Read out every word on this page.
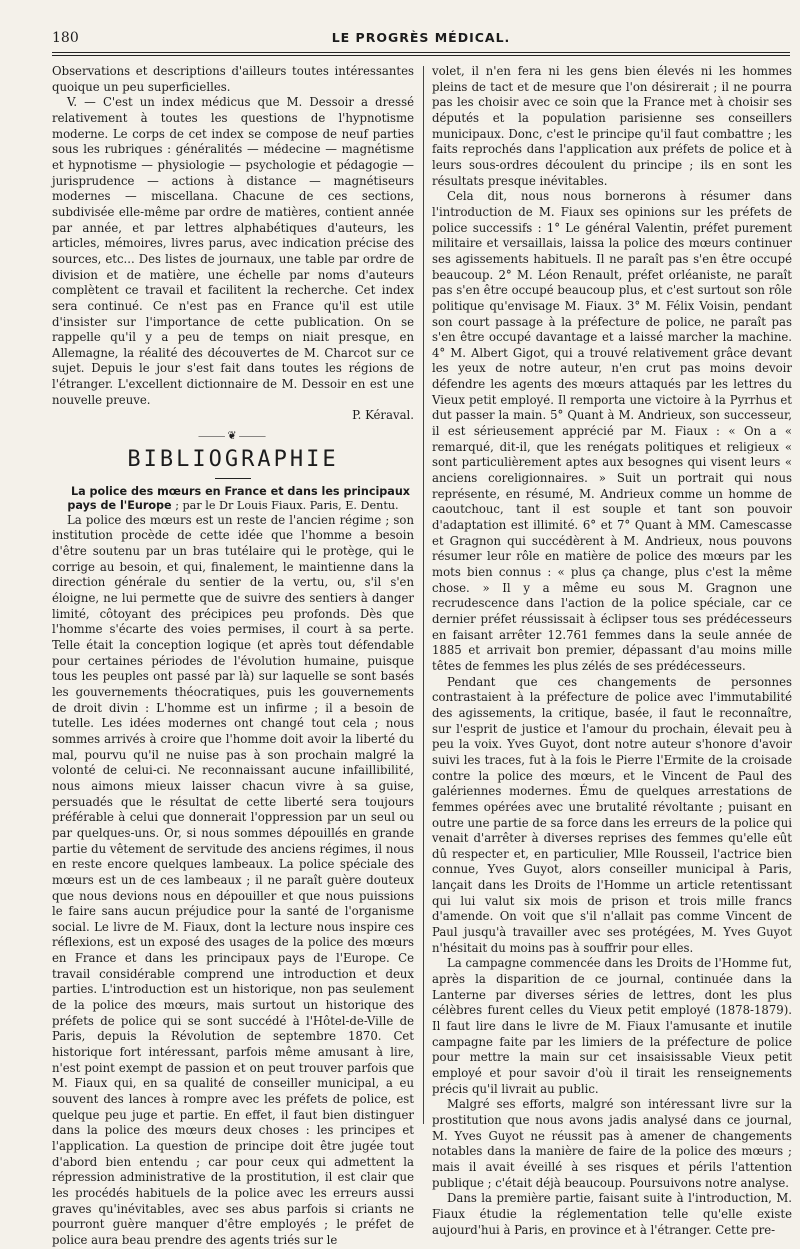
180	LE PROGRÈS MÉDICAL.

Observations et descriptions d'ailleurs toutes intéressantes quoique un peu superficielles.

V. — C'est un index médicus que M. Dessoir a dressé relativement à toutes les questions de l'hypnotisme moderne. Le corps de cet index se compose de neuf parties sous les rubriques : généralités — médecine — magnétisme et hypnotisme — physiologie — psychologie et pédagogie — jurisprudence — actions à distance — magnétiseurs modernes — miscellana. Chacune de ces sections, subdivisée elle-même par ordre de matières, contient année par année, et par lettres alphabétiques d'auteurs, les articles, mémoires, livres parus, avec indication précise des sources, etc... Des listes de journaux, une table par ordre de division et de matière, une échelle par noms d'auteurs complètent ce travail et facilitent la recherche. Cet index sera continué. Ce n'est pas en France qu'il est utile d'insister sur l'importance de cette publication. On se rappelle qu'il y a peu de temps on niait presque, en Allemagne, la réalité des découvertes de M. Charcot sur ce sujet. Depuis le jour s'est fait dans toutes les régions de l'étranger. L'excellent dictionnaire de M. Dessoir en est une nouvelle preuve.

P. Kéraval.

⸻❦⸻
BIBLIOGRAPHIE

La police des mœurs en France et dans les principaux pays de l'Europe ; par le Dr Louis Fiaux. Paris, E. Dentu.

La police des mœurs est un reste de l'ancien régime ; son institution procède de cette idée que l'homme a besoin d'être soutenu par un bras tutélaire qui le protège, qui le corrige au besoin, et qui, finalement, le maintienne dans la direction générale du sentier de la vertu, ou, s'il s'en éloigne, ne lui permette que de suivre des sentiers à danger limité, côtoyant des précipices peu profonds. Dès que l'homme s'écarte des voies permises, il court à sa perte. Telle était la conception logique (et après tout défendable pour certaines périodes de l'évolution humaine, puisque tous les peuples ont passé par là) sur laquelle se sont basés les gouvernements théocratiques, puis les gouvernements de droit divin : L'homme est un infirme ; il a besoin de tutelle. Les idées modernes ont changé tout cela ; nous sommes arrivés à croire que l'homme doit avoir la liberté du mal, pourvu qu'il ne nuise pas à son prochain malgré la volonté de celui-ci. Ne reconnaissant aucune infaillibilité, nous aimons mieux laisser chacun vivre à sa guise, persuadés que le résultat de cette liberté sera toujours préférable à celui que donnerait l'oppression par un seul ou par quelques-uns. Or, si nous sommes dépouillés en grande partie du vêtement de servitude des anciens régimes, il nous en reste encore quelques lambeaux. La police spéciale des mœurs est un de ces lambeaux ; il ne paraît guère douteux que nous devions nous en dépouiller et que nous puissions le faire sans aucun préjudice pour la santé de l'organisme social. Le livre de M. Fiaux, dont la lecture nous inspire ces réflexions, est un exposé des usages de la police des mœurs en France et dans les principaux pays de l'Europe. Ce travail considérable comprend une introduction et deux parties. L'introduction est un historique, non pas seulement de la police des mœurs, mais surtout un historique des préfets de police qui se sont succédé à l'Hôtel-de-Ville de Paris, depuis la Révolution de septembre 1870. Cet historique fort intéressant, parfois même amusant à lire, n'est point exempt de passion et on peut trouver parfois que M. Fiaux qui, en sa qualité de conseiller municipal, a eu souvent des lances à rompre avec les préfets de police, est quelque peu juge et partie. En effet, il faut bien distinguer dans la police des mœurs deux choses : les principes et l'application. La question de principe doit être jugée tout d'abord bien entendu ; car pour ceux qui admettent la répression administrative de la prostitution, il est clair que les procédés habituels de la police avec les erreurs aussi graves qu'inévitables, avec ses abus parfois si criants ne pourront guère manquer d'être employés ; le préfet de police aura beau prendre des agents triés sur le

volet, il n'en fera ni les gens bien élevés ni les hommes pleins de tact et de mesure que l'on désirerait ; il ne pourra pas les choisir avec ce soin que la France met à choisir ses députés et la population parisienne ses conseillers municipaux. Donc, c'est le principe qu'il faut combattre ; les faits reprochés dans l'application aux préfets de police et à leurs sous-ordres découlent du principe ; ils en sont les résultats presque inévitables.

Cela dit, nous nous bornerons à résumer dans l'introduction de M. Fiaux ses opinions sur les préfets de police successifs : 1° Le général Valentin, préfet purement militaire et versaillais, laissa la police des mœurs continuer ses agissements habituels. Il ne paraît pas s'en être occupé beaucoup. 2° M. Léon Renault, préfet orléaniste, ne paraît pas s'en être occupé beaucoup plus, et c'est surtout son rôle politique qu'envisage M. Fiaux. 3° M. Félix Voisin, pendant son court passage à la préfecture de police, ne paraît pas s'en être occupé davantage et a laissé marcher la machine. 4° M. Albert Gigot, qui a trouvé relativement grâce devant les yeux de notre auteur, n'en crut pas moins devoir défendre les agents des mœurs attaqués par les lettres du Vieux petit employé. Il remporta une victoire à la Pyrrhus et dut passer la main. 5° Quant à M. Andrieux, son successeur, il est sérieusement apprécié par M. Fiaux : « On a « remarqué, dit-il, que les renégats politiques et religieux « sont particulièrement aptes aux besognes qui visent leurs « anciens coreligionnaires. » Suit un portrait qui nous représente, en résumé, M. Andrieux comme un homme de caoutchouc, tant il est souple et tant son pouvoir d'adaptation est illimité. 6° et 7° Quant à MM. Camescasse et Gragnon qui succédèrent à M. Andrieux, nous pouvons résumer leur rôle en matière de police des mœurs par les mots bien connus : « plus ça change, plus c'est la même chose. » Il y a même eu sous M. Gragnon une recrudescence dans l'action de la police spéciale, car ce dernier préfet réussissait à éclipser tous ses prédécesseurs en faisant arrêter 12.761 femmes dans la seule année de 1885 et arrivait bon premier, dépassant d'au moins mille têtes de femmes les plus zélés de ses prédécesseurs.

Pendant que ces changements de personnes contrastaient à la préfecture de police avec l'immutabilité des agissements, la critique, basée, il faut le reconnaître, sur l'esprit de justice et l'amour du prochain, élevait peu à peu la voix. Yves Guyot, dont notre auteur s'honore d'avoir suivi les traces, fut à la fois le Pierre l'Ermite de la croisade contre la police des mœurs, et le Vincent de Paul des galériennes modernes. Ému de quelques arrestations de femmes opérées avec une brutalité révoltante ; puisant en outre une partie de sa force dans les erreurs de la police qui venait d'arrêter à diverses reprises des femmes qu'elle eût dû respecter et, en particulier, Mlle Rousseil, l'actrice bien connue, Yves Guyot, alors conseiller municipal à Paris, lançait dans les Droits de l'Homme un article retentissant qui lui valut six mois de prison et trois mille francs d'amende. On voit que s'il n'allait pas comme Vincent de Paul jusqu'à travailler avec ses protégées, M. Yves Guyot n'hésitait du moins pas à souffrir pour elles.

La campagne commencée dans les Droits de l'Homme fut, après la disparition de ce journal, continuée dans la Lanterne par diverses séries de lettres, dont les plus célèbres furent celles du Vieux petit employé (1878-1879). Il faut lire dans le livre de M. Fiaux l'amusante et inutile campagne faite par les limiers de la préfecture de police pour mettre la main sur cet insaisissable Vieux petit employé et pour savoir d'où il tirait les renseignements précis qu'il livrait au public.

Malgré ses efforts, malgré son intéressant livre sur la prostitution que nous avons jadis analysé dans ce journal, M. Yves Guyot ne réussit pas à amener de changements notables dans la manière de faire de la police des mœurs ; mais il avait éveillé à ses risques et périls l'attention publique ; c'était déjà beaucoup. Poursuivons notre analyse.

Dans la première partie, faisant suite à l'introduction, M. Fiaux étudie la réglementation telle qu'elle existe aujourd'hui à Paris, en province et à l'étranger. Cette pre-
